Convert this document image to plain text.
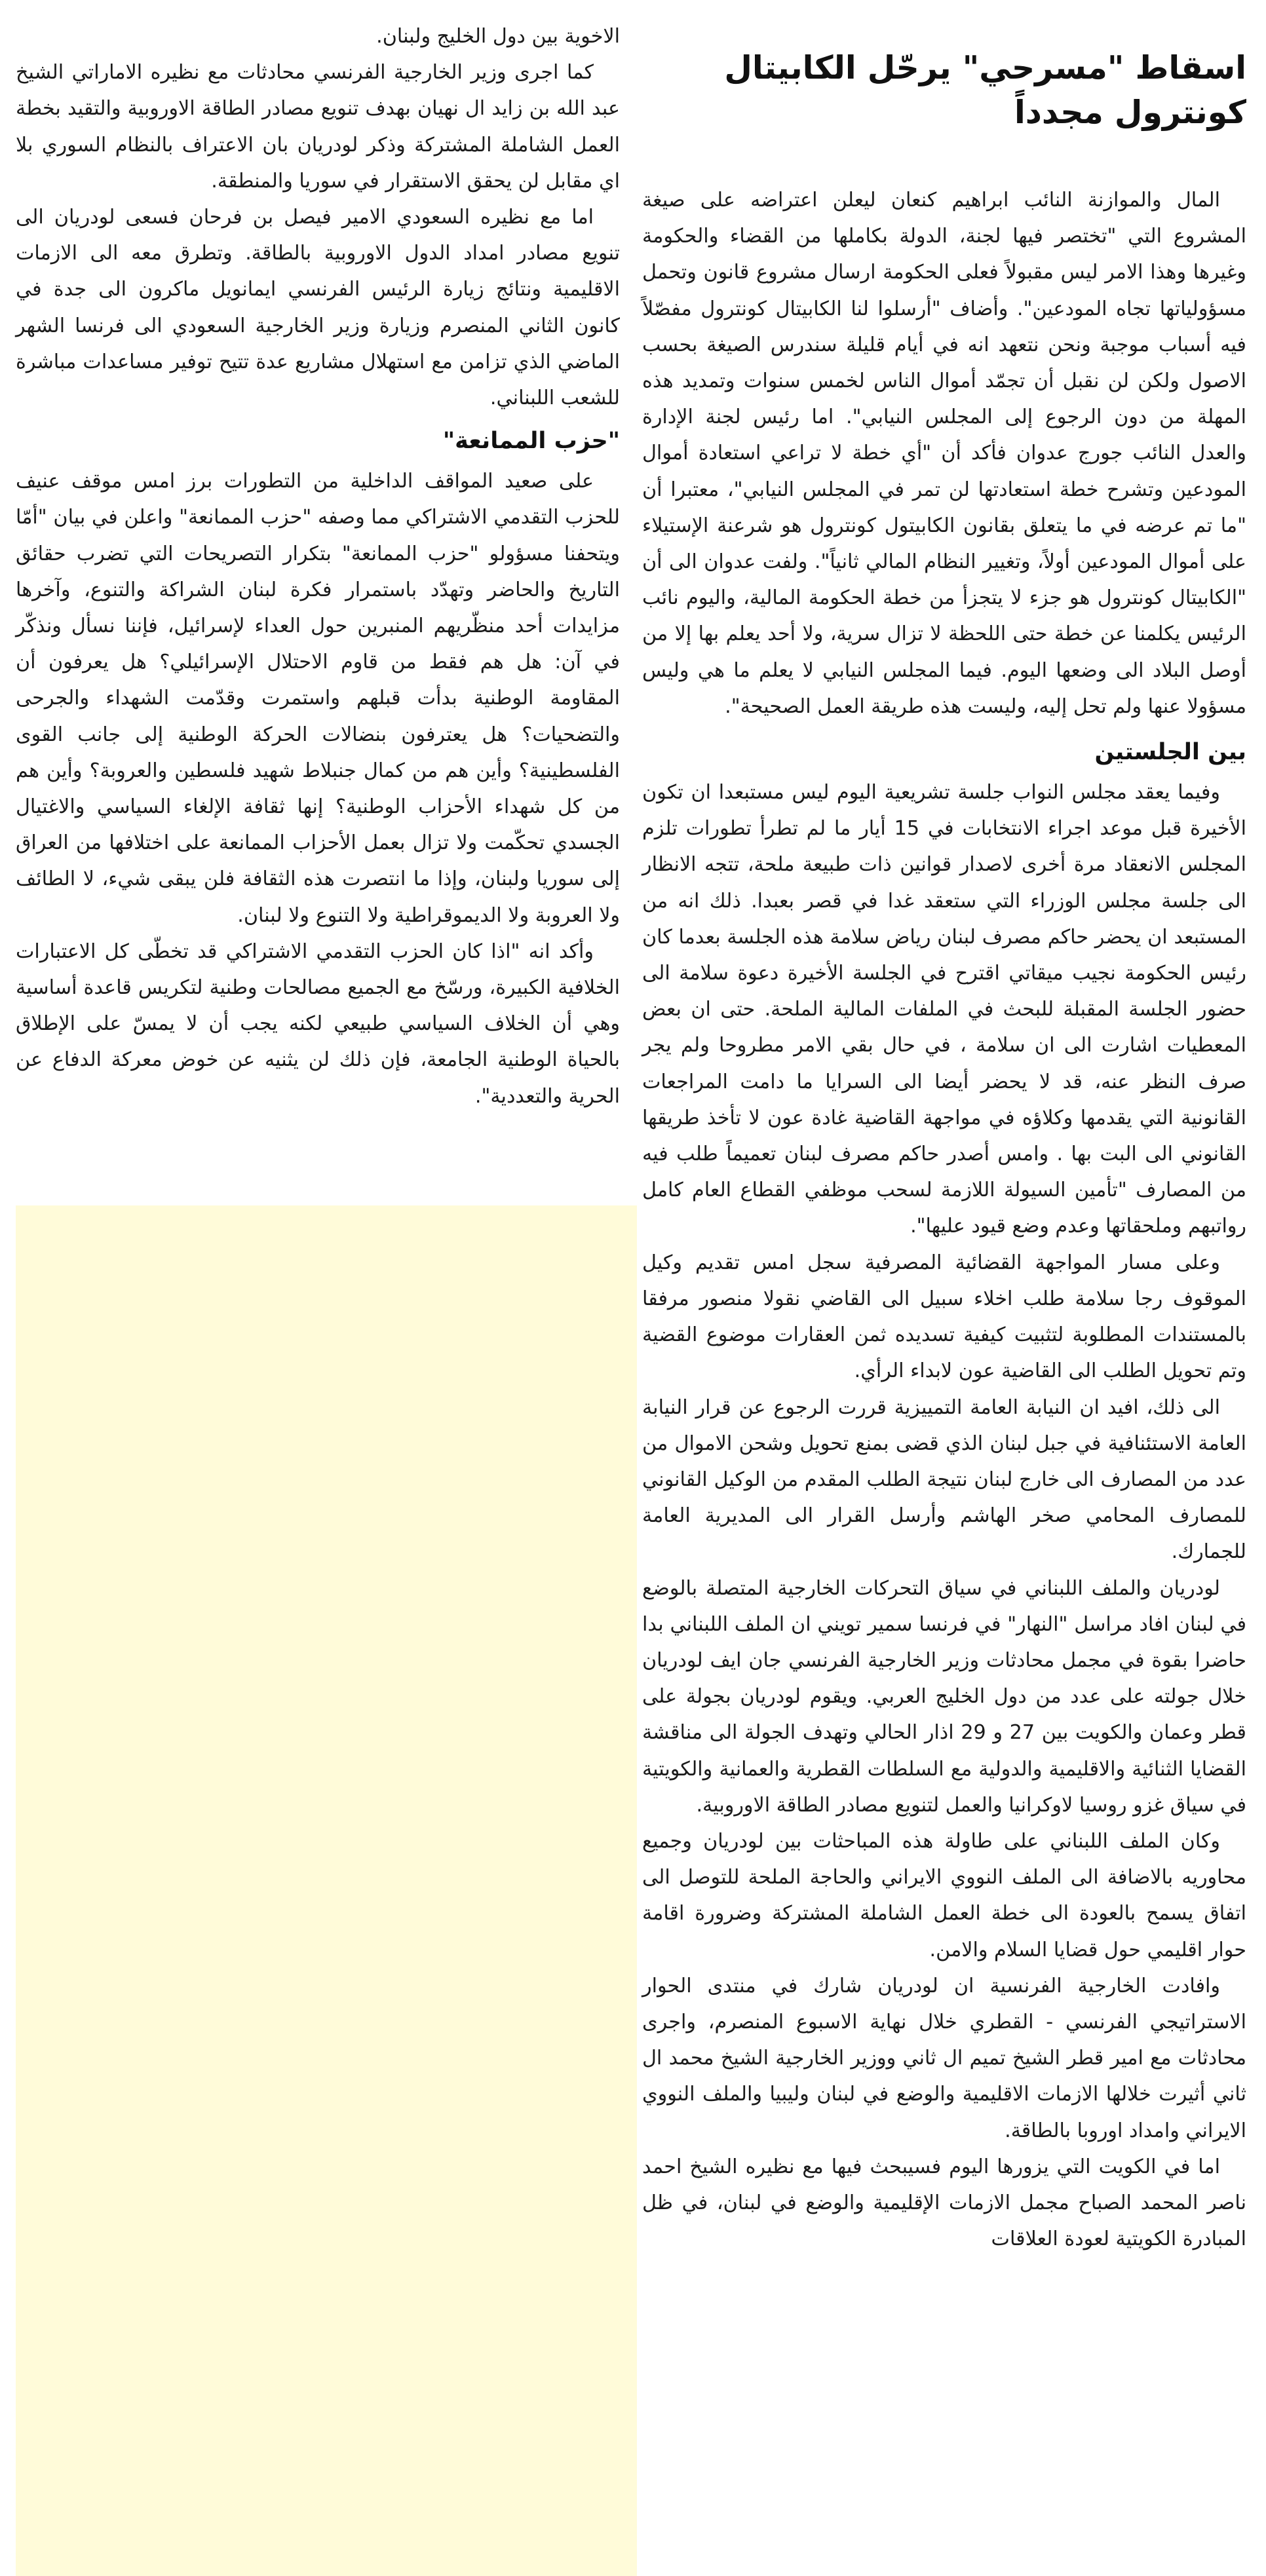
اسقاط "مسرحي" يرحّل الكابيتال كونترول مجدداً

المال والموازنة النائب ابراهيم كنعان ليعلن اعتراضه على صيغة المشروع التي "تختصر فيها لجنة، الدولة بكاملها من القضاء والحكومة وغيرها وهذا الامر ليس مقبولاً فعلى الحكومة ارسال مشروع قانون وتحمل مسؤولياتها تجاه المودعين". وأضاف "أرسلوا لنا الكابيتال كونترول مفصّلاً فيه أسباب موجبة ونحن نتعهد انه في أيام قليلة سندرس الصيغة بحسب الاصول ولكن لن نقبل أن تجمّد أموال الناس لخمس سنوات وتمديد هذه المهلة من دون الرجوع إلى المجلس النيابي". اما رئيس لجنة الإدارة والعدل النائب جورج عدوان فأكد أن "أي خطة لا تراعي استعادة أموال المودعين وتشرح خطة استعادتها لن تمر في المجلس النيابي"، معتبرا أن "ما تم عرضه في ما يتعلق بقانون الكابيتول كونترول هو شرعنة الإستيلاء على أموال المودعين أولاً، وتغيير النظام المالي ثانياً". ولفت عدوان الى أن "الكابيتال كونترول هو جزء لا يتجزأ من خطة الحكومة المالية، واليوم نائب الرئيس يكلمنا عن خطة حتى اللحظة لا تزال سرية، ولا أحد يعلم بها إلا من أوصل البلاد الى وضعها اليوم. فيما المجلس النيابي لا يعلم ما هي وليس مسؤولا عنها ولم تحل إليه، وليست هذه طريقة العمل الصحيحة".

بين الجلستين

وفيما يعقد مجلس النواب جلسة تشريعية اليوم ليس مستبعدا ان تكون الأخيرة قبل موعد اجراء الانتخابات في 15 أيار ما لم تطرأ تطورات تلزم المجلس الانعقاد مرة أخرى لاصدار قوانين ذات طبيعة ملحة، تتجه الانظار الى جلسة مجلس الوزراء التي ستعقد غدا في قصر بعبدا. ذلك انه من المستبعد ان يحضر حاكم مصرف لبنان رياض سلامة هذه الجلسة بعدما كان رئيس الحكومة نجيب ميقاتي اقترح في الجلسة الأخيرة دعوة سلامة الى حضور الجلسة المقبلة للبحث في الملفات المالية الملحة. حتى ان بعض المعطيات اشارت الى ان سلامة ، في حال بقي الامر مطروحا ولم يجر صرف النظر عنه، قد لا يحضر أيضا الى السرايا ما دامت المراجعات القانونية التي يقدمها وكلاؤه في مواجهة القاضية غادة عون لا تأخذ طريقها القانوني الى البت بها . وامس أصدر حاكم مصرف لبنان تعميماً طلب فيه من المصارف "تأمين السيولة اللازمة لسحب موظفي القطاع العام كامل رواتبهم وملحقاتها وعدم وضع قيود عليها".

وعلى مسار المواجهة القضائية المصرفية سجل امس تقديم وكيل الموقوف رجا سلامة طلب اخلاء سبيل الى القاضي نقولا منصور مرفقا بالمستندات المطلوبة لتثبيت كيفية تسديده ثمن العقارات موضوع القضية وتم تحويل الطلب الى القاضية عون لابداء الرأي.

الى ذلك، افيد ان النيابة العامة التمييزية قررت الرجوع عن قرار النيابة العامة الاستئنافية في جبل لبنان الذي قضى بمنع تحويل وشحن الاموال من عدد من المصارف الى خارج لبنان نتيجة الطلب المقدم من الوكيل القانوني للمصارف المحامي صخر الهاشم وأرسل القرار الى المديرية العامة للجمارك.

لودريان والملف اللبناني في سياق التحركات الخارجية المتصلة بالوضع في لبنان افاد مراسل "النهار" في فرنسا سمير تويني ان الملف اللبناني بدا حاضرا بقوة في مجمل محادثات وزير الخارجية الفرنسي جان ايف لودريان خلال جولته على عدد من دول الخليج العربي. ويقوم لودريان بجولة على قطر وعمان والكويت بين 27 و 29 اذار الحالي وتهدف الجولة الى مناقشة القضايا الثنائية والاقليمية والدولية مع السلطات القطرية والعمانية والكويتية في سياق غزو روسيا لاوكرانيا والعمل لتنويع مصادر الطاقة الاوروبية.

وكان الملف اللبناني على طاولة هذه المباحثات بين لودريان وجميع محاوريه بالاضافة الى الملف النووي الايراني والحاجة الملحة للتوصل الى اتفاق يسمح بالعودة الى خطة العمل الشاملة المشتركة وضرورة اقامة حوار اقليمي حول قضايا السلام والامن.

وافادت الخارجية الفرنسية ان لودريان شارك في منتدى الحوار الاستراتيجي الفرنسي - القطري خلال نهاية الاسبوع المنصرم، واجرى محادثات مع امير قطر الشيخ تميم ال ثاني ووزير الخارجية الشيخ محمد ال ثاني أثيرت خلالها الازمات الاقليمية والوضع في لبنان وليبيا والملف النووي الايراني وامداد اوروبا بالطاقة.

اما في الكويت التي يزورها اليوم فسيبحث فيها مع نظيره الشيخ احمد ناصر المحمد الصباح مجمل الازمات الإقليمية والوضع في لبنان، في ظل المبادرة الكويتية لعودة العلاقات

الاخوية بين دول الخليج ولبنان.

كما اجرى وزير الخارجية الفرنسي محادثات مع نظيره الاماراتي الشيخ عبد الله بن زايد ال نهيان بهدف تنويع مصادر الطاقة الاوروبية والتقيد بخطة العمل الشاملة المشتركة وذكر لودريان بان الاعتراف بالنظام السوري بلا اي مقابل لن يحقق الاستقرار في سوريا والمنطقة.

اما مع نظيره السعودي الامير فيصل بن فرحان فسعى لودريان الى تنويع مصادر امداد الدول الاوروبية بالطاقة. وتطرق معه الى الازمات الاقليمية ونتائج زيارة الرئيس الفرنسي ايمانويل ماكرون الى جدة في كانون الثاني المنصرم وزيارة وزير الخارجية السعودي الى فرنسا الشهر الماضي الذي تزامن مع استهلال مشاريع عدة تتيح توفير مساعدات مباشرة للشعب اللبناني.

"حزب الممانعة"

على صعيد المواقف الداخلية من التطورات برز امس موقف عنيف للحزب التقدمي الاشتراكي مما وصفه "حزب الممانعة" واعلن في بيان "أمّا ويتحفنا مسؤولو "حزب الممانعة" بتكرار التصريحات التي تضرب حقائق التاريخ والحاضر وتهدّد باستمرار فكرة لبنان الشراكة والتنوع، وآخرها مزايدات أحد منظّريهم المنبرين حول العداء لإسرائيل، فإننا نسأل ونذكّر في آن: هل هم فقط من قاوم الاحتلال الإسرائيلي؟ هل يعرفون أن المقاومة الوطنية بدأت قبلهم واستمرت وقدّمت الشهداء والجرحى والتضحيات؟ هل يعترفون بنضالات الحركة الوطنية إلى جانب القوى الفلسطينية؟ وأين هم من كمال جنبلاط شهيد فلسطين والعروبة؟ وأين هم من كل شهداء الأحزاب الوطنية؟ إنها ثقافة الإلغاء السياسي والاغتيال الجسدي تحكّمت ولا تزال بعمل الأحزاب الممانعة على اختلافها من العراق إلى سوريا ولبنان، وإذا ما انتصرت هذه الثقافة فلن يبقى شيء، لا الطائف ولا العروبة ولا الديموقراطية ولا التنوع ولا لبنان.

وأكد انه "اذا كان الحزب التقدمي الاشتراكي قد تخطّى كل الاعتبارات الخلافية الكبيرة، ورسّخ مع الجميع مصالحات وطنية لتكريس قاعدة أساسية وهي أن الخلاف السياسي طبيعي لكنه يجب أن لا يمسّ على الإطلاق بالحياة الوطنية الجامعة، فإن ذلك لن يثنيه عن خوض معركة الدفاع عن الحرية والتعددية".
